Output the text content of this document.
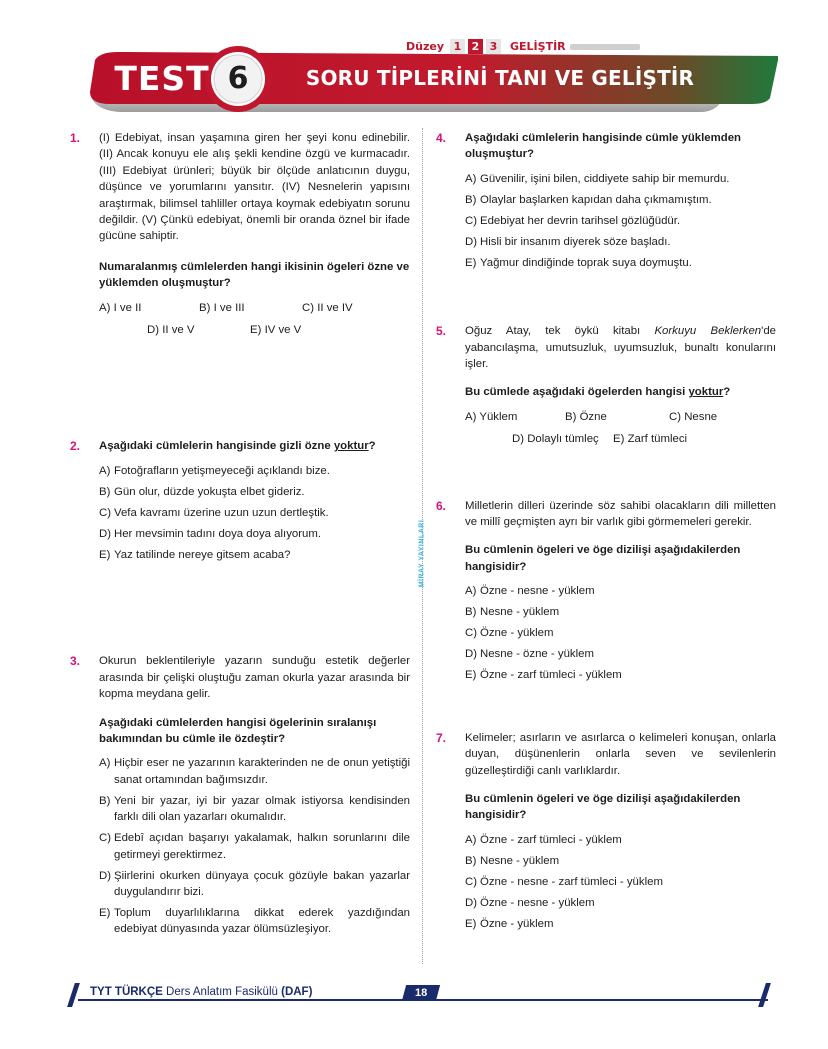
Düzey 1 2 3	GELİŞTİR
TEST 6	SORU TİPLERİNİ TANI VE GELİŞTİR
MİRAY YAYINLARI
1. (I) Edebiyat, insan yaşamına giren her şeyi konu edinebilir. (II) Ancak konuyu ele alış şekli kendine özgü ve kurmacadır. (III) Edebiyat ürünleri; büyük bir ölçüde anlatıcının duygu, düşünce ve yorumlarını yansıtır. (IV) Nesnelerin yapısını araştırmak, bilimsel tahliller ortaya koymak edebiyatın sorunu değildir. (V) Çünkü edebiyat, önemli bir oranda öznel bir ifade gücüne sahiptir.

Numaralanmış cümlelerden hangi ikisinin ögeleri özne ve yüklemden oluşmuştur?

A) I ve II	B) I ve III	C) II ve IV
D) II ve V	E) IV ve V
2. Aşağıdaki cümlelerin hangisinde gizli özne yoktur?

A) Fotoğrafların yetişmeyeceği açıklandı bize.
B) Gün olur, düzde yokuşta elbet gideriz.
C) Vefa kavramı üzerine uzun uzun dertleştik.
D) Her mevsimin tadını doya doya alıyorum.
E) Yaz tatilinde nereye gitsem acaba?
3. Okurun beklentileriyle yazarın sunduğu estetik değerler arasında bir çelişki oluştuğu zaman okurla yazar arasında bir kopma meydana gelir.

Aşağıdaki cümlelerden hangisi ögelerinin sıralanışı bakımından bu cümle ile özdeştir?

A) Hiçbir eser ne yazarının karakterinden ne de onun yetiştiği sanat ortamından bağımsızdır.
B) Yeni bir yazar, iyi bir yazar olmak istiyorsa kendisinden farklı dili olan yazarları okumalıdır.
C) Edebî açıdan başarıyı yakalamak, halkın sorunlarını dile getirmeyi gerektirmez.
D) Şiirlerini okurken dünyaya çocuk gözüyle bakan yazarlar duygulandırır bizi.
E) Toplum duyarlılıklarına dikkat ederek yazdığından edebiyat dünyasında yazar ölümsüzleşiyor.
4. Aşağıdaki cümlelerin hangisinde cümle yüklemden oluşmuştur?

A) Güvenilir, işini bilen, ciddiyete sahip bir memurdu.
B) Olaylar başlarken kapıdan daha çıkmamıştım.
C) Edebiyat her devrin tarihsel gözlüğüdür.
D) Hisli bir insanım diyerek söze başladı.
E) Yağmur dindiğinde toprak suya doymuştu.
5. Oğuz Atay, tek öykü kitabı Korkuyu Beklerken'de yabancılaşma, umutsuzluk, uyumsuzluk, bunaltı konularını işler.

Bu cümlede aşağıdaki ögelerden hangisi yoktur?

A) Yüklem	B) Özne	C) Nesne
D) Dolaylı tümleç	E) Zarf tümleci
6. Milletlerin dilleri üzerinde söz sahibi olacakların dili milletten ve millî geçmişten ayrı bir varlık gibi görmemeleri gerekir.

Bu cümlenin ögeleri ve öge dizilişi aşağıdakilerden hangisidir?

A) Özne - nesne - yüklem
B) Nesne - yüklem
C) Özne - yüklem
D) Nesne - özne - yüklem
E) Özne - zarf tümleci - yüklem
7. Kelimeler; asırların ve asırlarca o kelimeleri konuşan, onlarla duyan, düşünenlerin onlarla seven ve sevilenlerin güzelleştirdiği canlı varlıklardır.

Bu cümlenin ögeleri ve öge dizilişi aşağıdakilerden hangisidir?

A) Özne - zarf tümleci - yüklem
B) Nesne - yüklem
C) Özne - nesne - zarf tümleci - yüklem
D) Özne - nesne - yüklem
E) Özne - yüklem
TYT TÜRKÇE Ders Anlatım Fasikülü (DAF)	18
